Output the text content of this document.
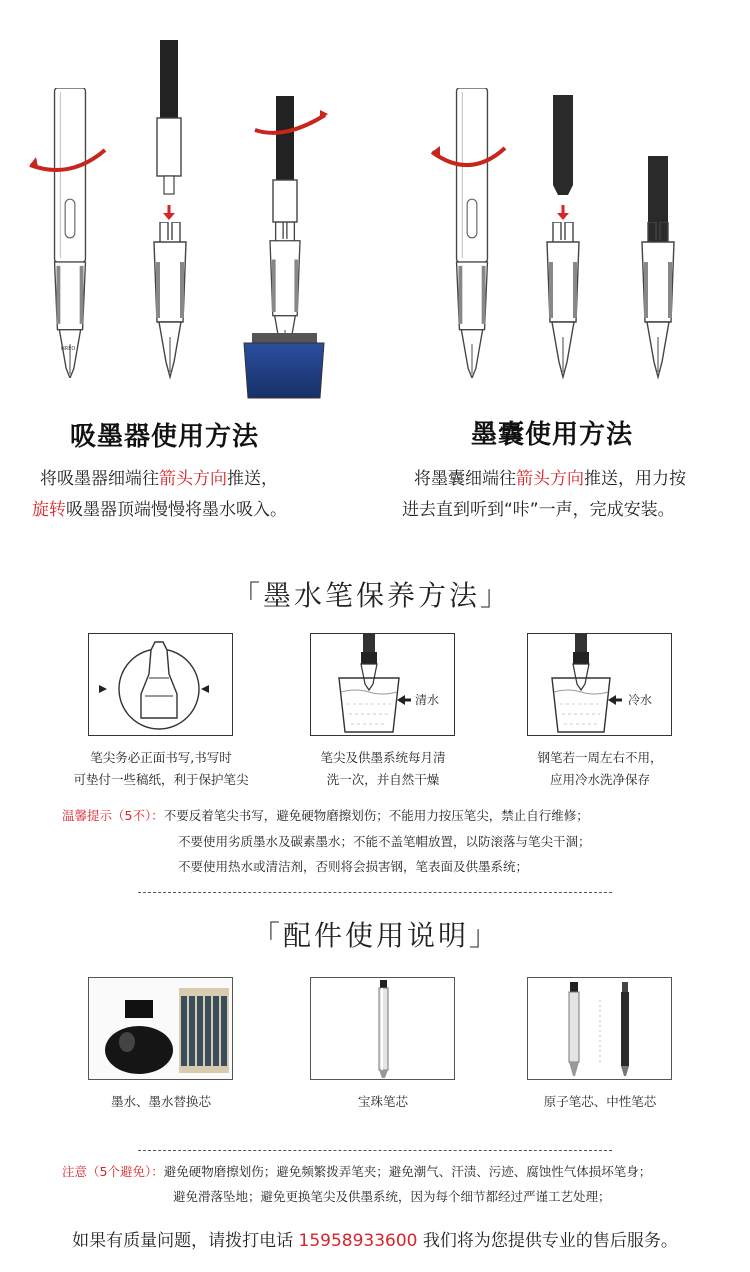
HREO
吸墨器使用方法
将吸墨器细端往箭头方向推送，
旋转吸墨器顶端慢慢将墨水吸入。
墨囊使用方法
将墨囊细端往箭头方向推送，用力按
进去直到听到“咔”一声，完成安装。
「墨水笔保养方法」
笔尖务必正面书写,书写时
可垫付一些稿纸，利于保护笔尖
清水
笔尖及供墨系统每月清
洗一次，并自然干燥
冷水
钢笔若一周左右不用，
应用冷水洗净保存
温馨提示（5不）：不要反着笔尖书写，避免硬物磨擦划伤；不能用力按压笔尖，禁止自行维修；
不要使用劣质墨水及碳素墨水；不能不盖笔帽放置，以防滚落与笔尖干涸；
不要使用热水或清洁剂，否则将会损害钢，笔表面及供墨系统；
「配件使用说明」
墨水、墨水替换芯	宝珠笔芯	原子笔芯、中性笔芯
注意（5个避免）：避免硬物磨擦划伤；避免频繁拨弄笔夹；避免潮气、汗渍、污迹、腐蚀性气体损坏笔身；
避免滑落坠地；避免更换笔尖及供墨系统，因为每个细节都经过严谨工艺处理；
如果有质量问题，请拨打电话 15958933600 我们将为您提供专业的售后服务。
